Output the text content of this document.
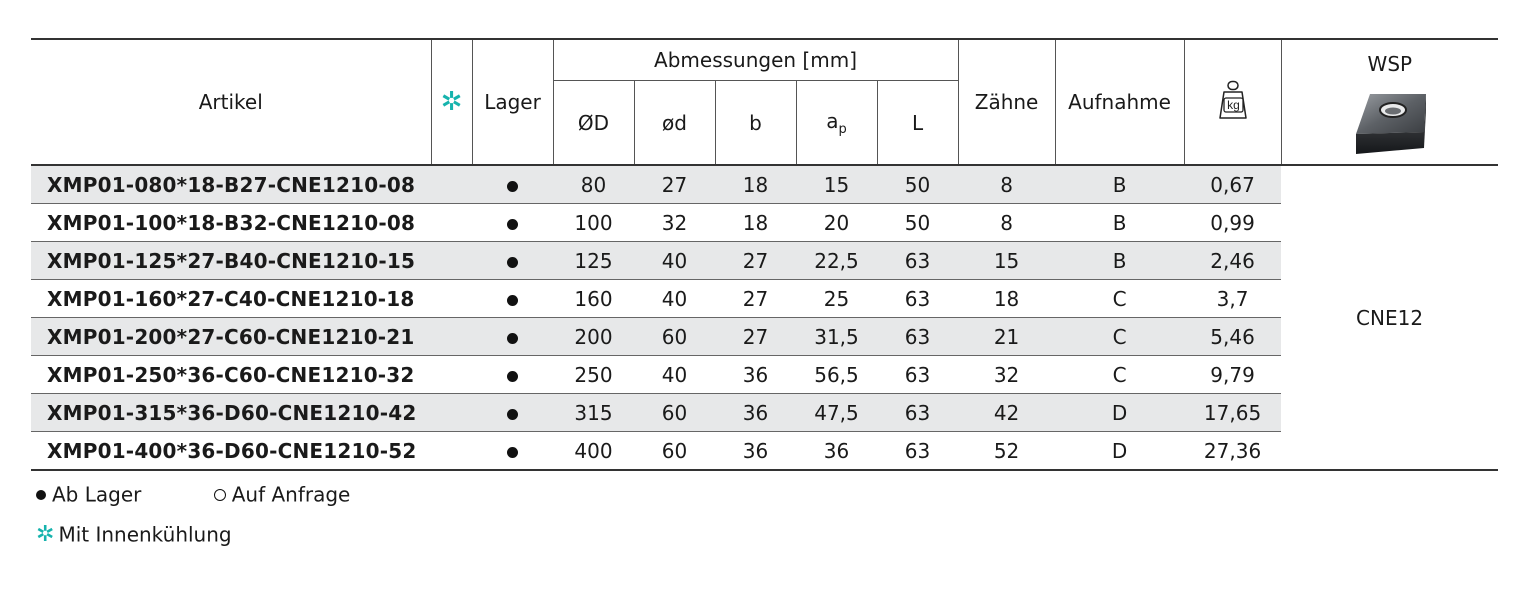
Artikel	✲	Lager	Abmessungen [mm]					Zähne	Aufnahme	kg	WSP

			ØD	ød	b	$a_p$	L				
XMP01-080*18-B27-CNE1210-08			80	27	18	15	50	8	B	0,67	CNE12
XMP01-100*18-B32-CNE1210-08			100	32	18	20	50	8	B	0,99	
XMP01-125*27-B40-CNE1210-15			125	40	27	22,5	63	15	B	2,46	
XMP01-160*27-C40-CNE1210-18			160	40	27	25	63	18	C	3,7	
XMP01-200*27-C60-CNE1210-21			200	60	27	31,5	63	21	C	5,46	
XMP01-250*36-C60-CNE1210-32			250	40	36	56,5	63	32	C	9,79	
XMP01-315*36-D60-CNE1210-42			315	60	36	47,5	63	42	D	17,65	
XMP01-400*36-D60-CNE1210-52			400	60	36	36	63	52	D	27,36	
Ab Lager	Auf Anfrage
✲ Mit Innenkühlung
